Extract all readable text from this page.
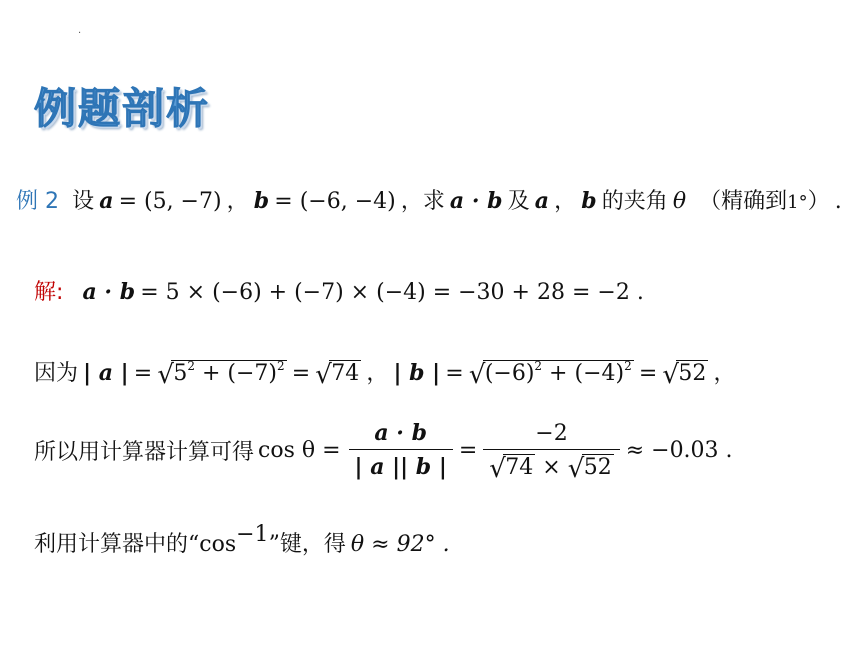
·
例题剖析
例 2 设 a = (5, −7) ， b = (−6, −4) ，求 a · b 及 a ， b 的夹角 θ （精确到1°） .
解: a · b = 5 × (−6) + (−7) × (−4) = −30 + 28 = −2 .
因为 | a | = √ $5^2 + (-7)^2$ = √ 74 ， | b | = √ $(-6)^2 + (-4)^2$ = √ 52 ，
所以用计算器计算可得 $\cos \theta = \frac{a \cdot b}{| a || b |} = \frac{-2}{√ 74 \times √ 52} \approx -0.03$ .
利用计算器中的“$\cos^{-1}$”键，得 θ ≈ 92° .
